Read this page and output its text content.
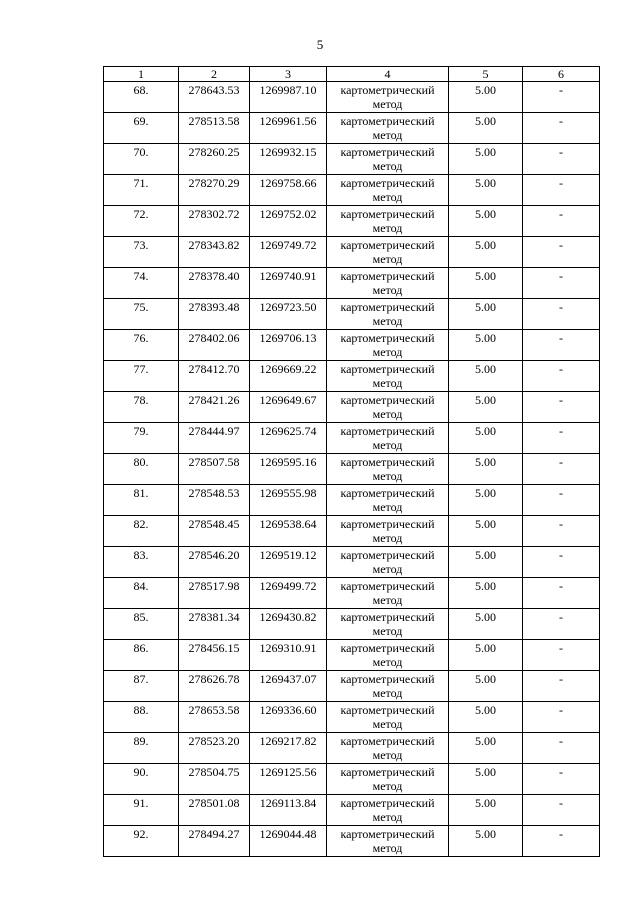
5
1	2	3	4	5	6
68.	278643.53	1269987.10	картометрический метод	5.00	-
69.	278513.58	1269961.56	картометрический метод	5.00	-
70.	278260.25	1269932.15	картометрический метод	5.00	-
71.	278270.29	1269758.66	картометрический метод	5.00	-
72.	278302.72	1269752.02	картометрический метод	5.00	-
73.	278343.82	1269749.72	картометрический метод	5.00	-
74.	278378.40	1269740.91	картометрический метод	5.00	-
75.	278393.48	1269723.50	картометрический метод	5.00	-
76.	278402.06	1269706.13	картометрический метод	5.00	-
77.	278412.70	1269669.22	картометрический метод	5.00	-
78.	278421.26	1269649.67	картометрический метод	5.00	-
79.	278444.97	1269625.74	картометрический метод	5.00	-
80.	278507.58	1269595.16	картометрический метод	5.00	-
81.	278548.53	1269555.98	картометрический метод	5.00	-
82.	278548.45	1269538.64	картометрический метод	5.00	-
83.	278546.20	1269519.12	картометрический метод	5.00	-
84.	278517.98	1269499.72	картометрический метод	5.00	-
85.	278381.34	1269430.82	картометрический метод	5.00	-
86.	278456.15	1269310.91	картометрический метод	5.00	-
87.	278626.78	1269437.07	картометрический метод	5.00	-
88.	278653.58	1269336.60	картометрический метод	5.00	-
89.	278523.20	1269217.82	картометрический метод	5.00	-
90.	278504.75	1269125.56	картометрический метод	5.00	-
91.	278501.08	1269113.84	картометрический метод	5.00	-
92.	278494.27	1269044.48	картометрический метод	5.00	-
